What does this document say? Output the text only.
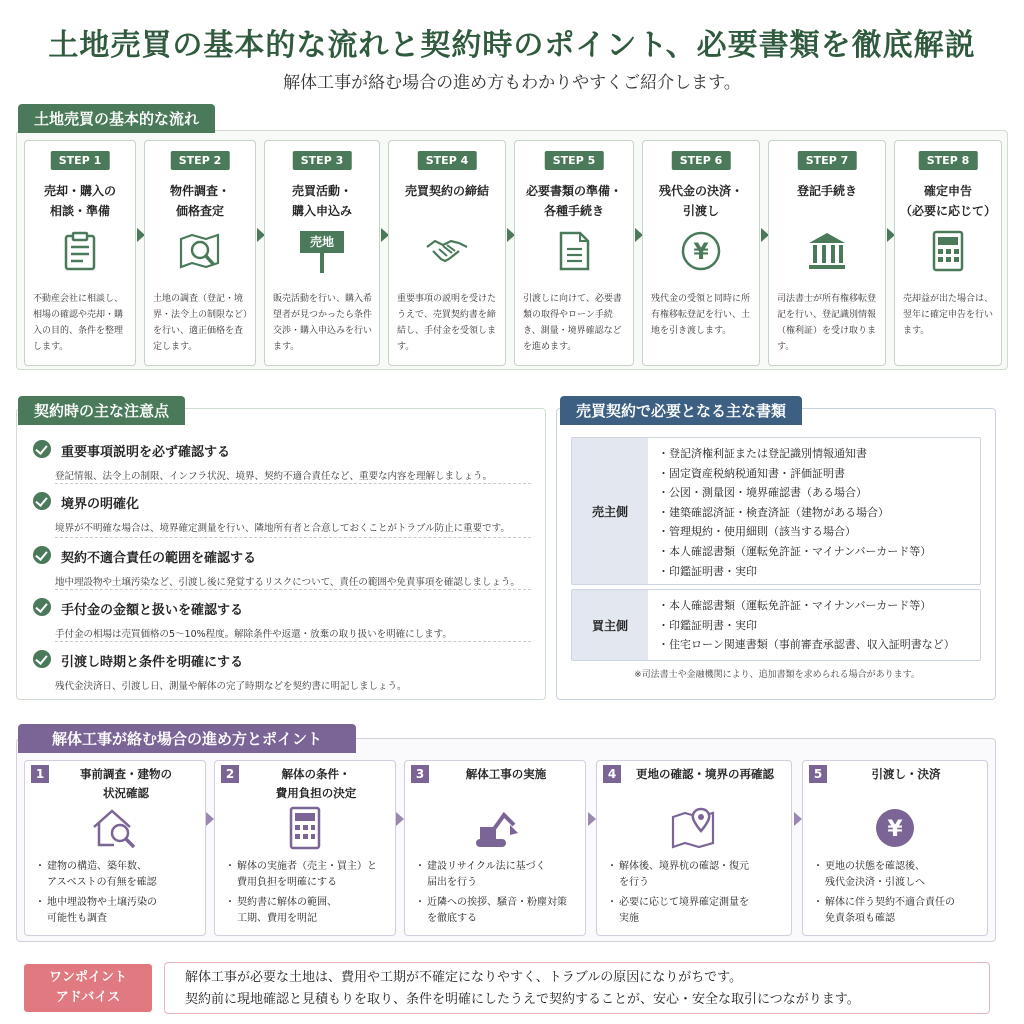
土地売買の基本的な流れと契約時のポイント、必要書類を徹底解説
解体工事が絡む場合の進め方もわかりやすくご紹介します。
土地売買の基本的な流れ
STEP 1
売却・購入の
相談・準備
不動産会社に相談し、相場の確認や売却・購入の目的、条件を整理します。
STEP 2
物件調査・
価格査定
土地の調査（登記・境界・法令上の制限など）を行い、適正価格を査定します。
STEP 3
売買活動・
購入申込み
売地
販売活動を行い、購入希望者が見つかったら条件交渉・購入申込みを行います。
STEP 4
売買契約の締結
重要事項の説明を受けたうえで、売買契約書を締結し、手付金を受領します。
STEP 5
必要書類の準備・
各種手続き
引渡しに向けて、必要書類の取得やローン手続き、測量・境界確認などを進めます。
STEP 6
残代金の決済・
引渡し
¥
残代金の受領と同時に所有権移転登記を行い、土地を引き渡します。
STEP 7
登記手続き
司法書士が所有権移転登記を行い、登記識別情報（権利証）を受け取ります。
STEP 8
確定申告
（必要に応じて）
売却益が出た場合は、翌年に確定申告を行います。
重要事項説明を必ず確認する
登記情報、法令上の制限、インフラ状況、境界、契約不適合責任など、重要な内容を理解しましょう。
境界の明確化
境界が不明確な場合は、境界確定測量を行い、隣地所有者と合意しておくことがトラブル防止に重要です。
契約不適合責任の範囲を確認する
地中埋設物や土壌汚染など、引渡し後に発覚するリスクについて、責任の範囲や免責事項を確認しましょう。
手付金の金額と扱いを確認する
手付金の相場は売買価格の5～10%程度。解除条件や返還・放棄の取り扱いを明確にします。
引渡し時期と条件を明確にする
残代金決済日、引渡し日、測量や解体の完了時期などを契約書に明記しましょう。
契約時の主な注意点
売主側
・ 登記済権利証または登記識別情報通知書
・ 固定資産税納税通知書・評価証明書
・ 公図・測量図・境界確認書（ある場合）
・ 建築確認済証・検査済証（建物がある場合）
・ 管理規約・使用細則（該当する場合）
・ 本人確認書類（運転免許証・マイナンバーカード等）
・ 印鑑証明書・実印
買主側
・ 本人確認書類（運転免許証・マイナンバーカード等）
・ 印鑑証明書・実印
・ 住宅ローン関連書類（事前審査承認書、収入証明書など）
※司法書士や金融機関により、追加書類を求められる場合があります。
売買契約で必要となる主な書類
解体工事が絡む場合の進め方とポイント
1	事前調査・建物の
状況確認
・ 建物の構造、築年数、
アスベストの有無を確認
・ 地中埋設物や土壌汚染の
可能性も調査
2	解体の条件・
費用負担の決定
・ 解体の実施者（売主・買主）と
費用負担を明確にする
・ 契約書に解体の範囲、
工期、費用を明記
3	解体工事の実施
・ 建設リサイクル法に基づく
届出を行う
・ 近隣への挨拶、騒音・粉塵対策
を徹底する
4	更地の確認・境界の再確認
・ 解体後、境界杭の確認・復元
を行う
・ 必要に応じて境界確定測量を
実施
5	引渡し・決済
¥
・ 更地の状態を確認後、
残代金決済・引渡しへ
・ 解体に伴う契約不適合責任の
免責条項も確認
ワンポイント
アドバイス
解体工事が必要な土地は、費用や工期が不確定になりやすく、トラブルの原因になりがちです。
契約前に現地確認と見積もりを取り、条件を明確にしたうえで契約することが、安心・安全な取引につながります。
